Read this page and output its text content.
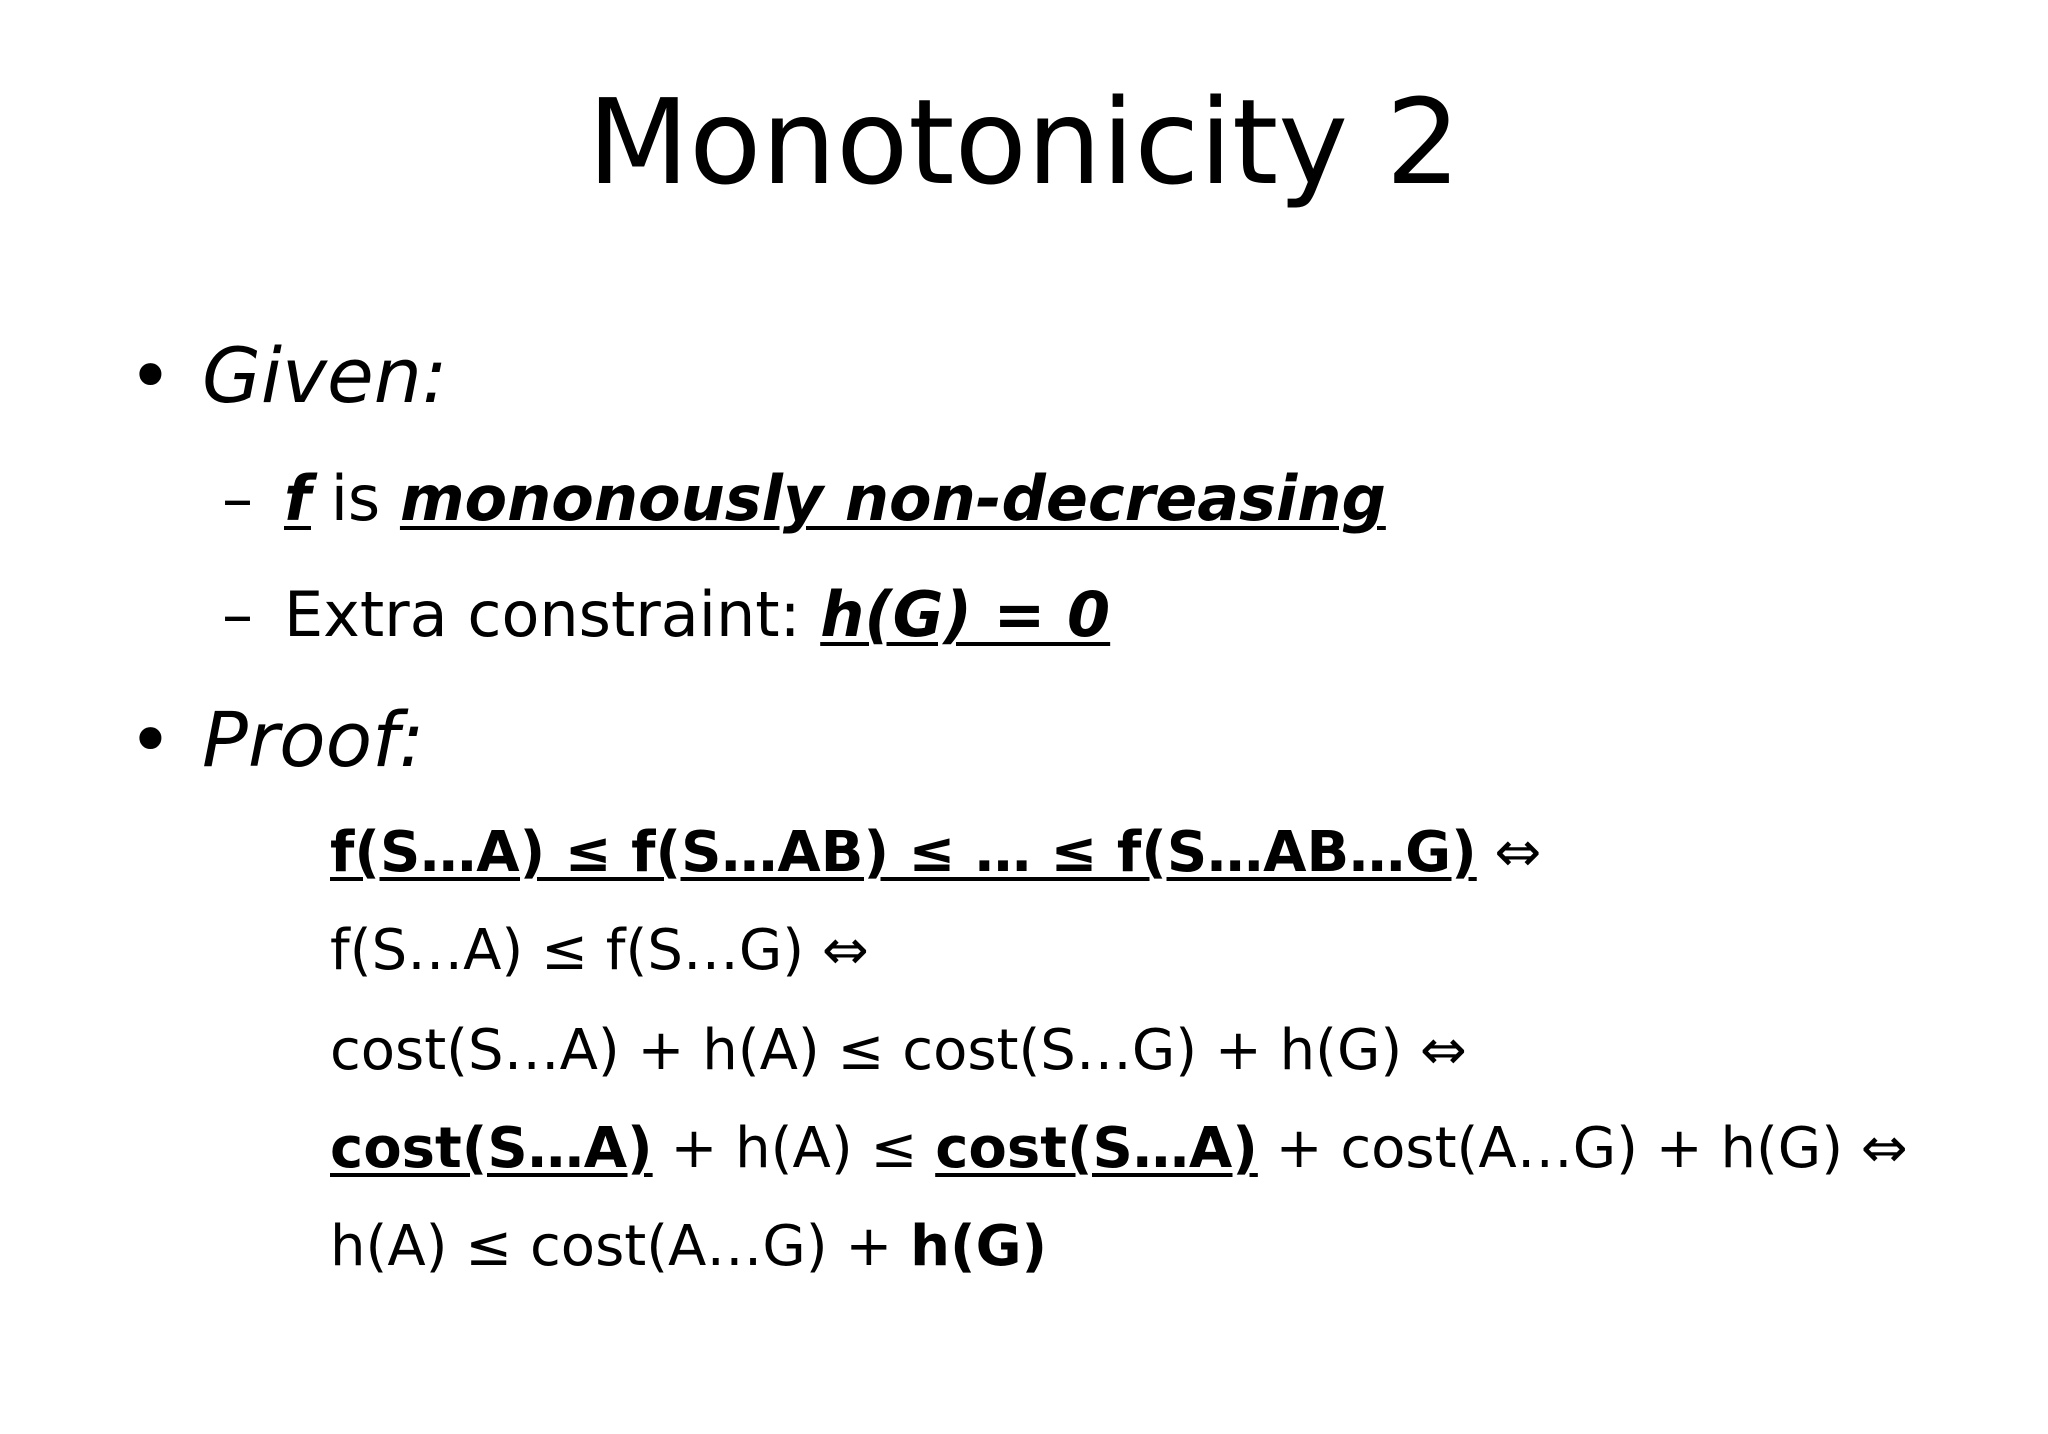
Monotonicity 2
• Given:
– f is mononously non-decreasing
– Extra constraint: h(G) = 0
• Proof:
f(S…A) ≤ f(S…AB) ≤ … ≤ f(S…AB…G) ⇔
f(S…A) ≤ f(S…G) ⇔
cost(S…A) + h(A) ≤ cost(S…G) + h(G) ⇔
cost(S…A) + h(A) ≤ cost(S…A) + cost(A…G) + h(G) ⇔
h(A) ≤ cost(A…G) + h(G)
